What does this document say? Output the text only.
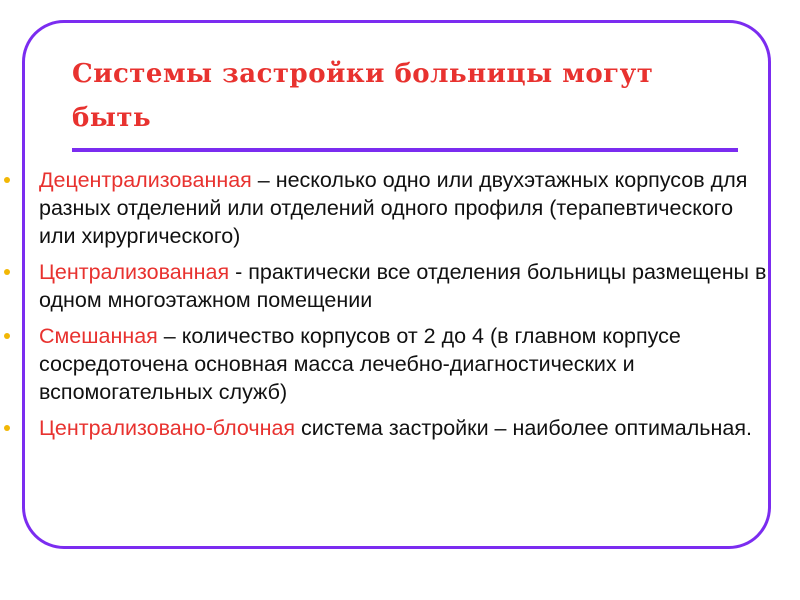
Системы застройки больницы могут быть
Децентрализованная – несколько одно или двухэтажных корпусов для разных отделений или отделений одного профиля (терапевтического или хирургического)
Централизованная - практически все отделения больницы размещены в одном многоэтажном помещении
Смешанная – количество корпусов от 2 до 4 (в главном корпусе сосредоточена основная масса лечебно-диагностических и вспомогательных служб)
Централизовано-блочная система застройки – наиболее оптимальная.
